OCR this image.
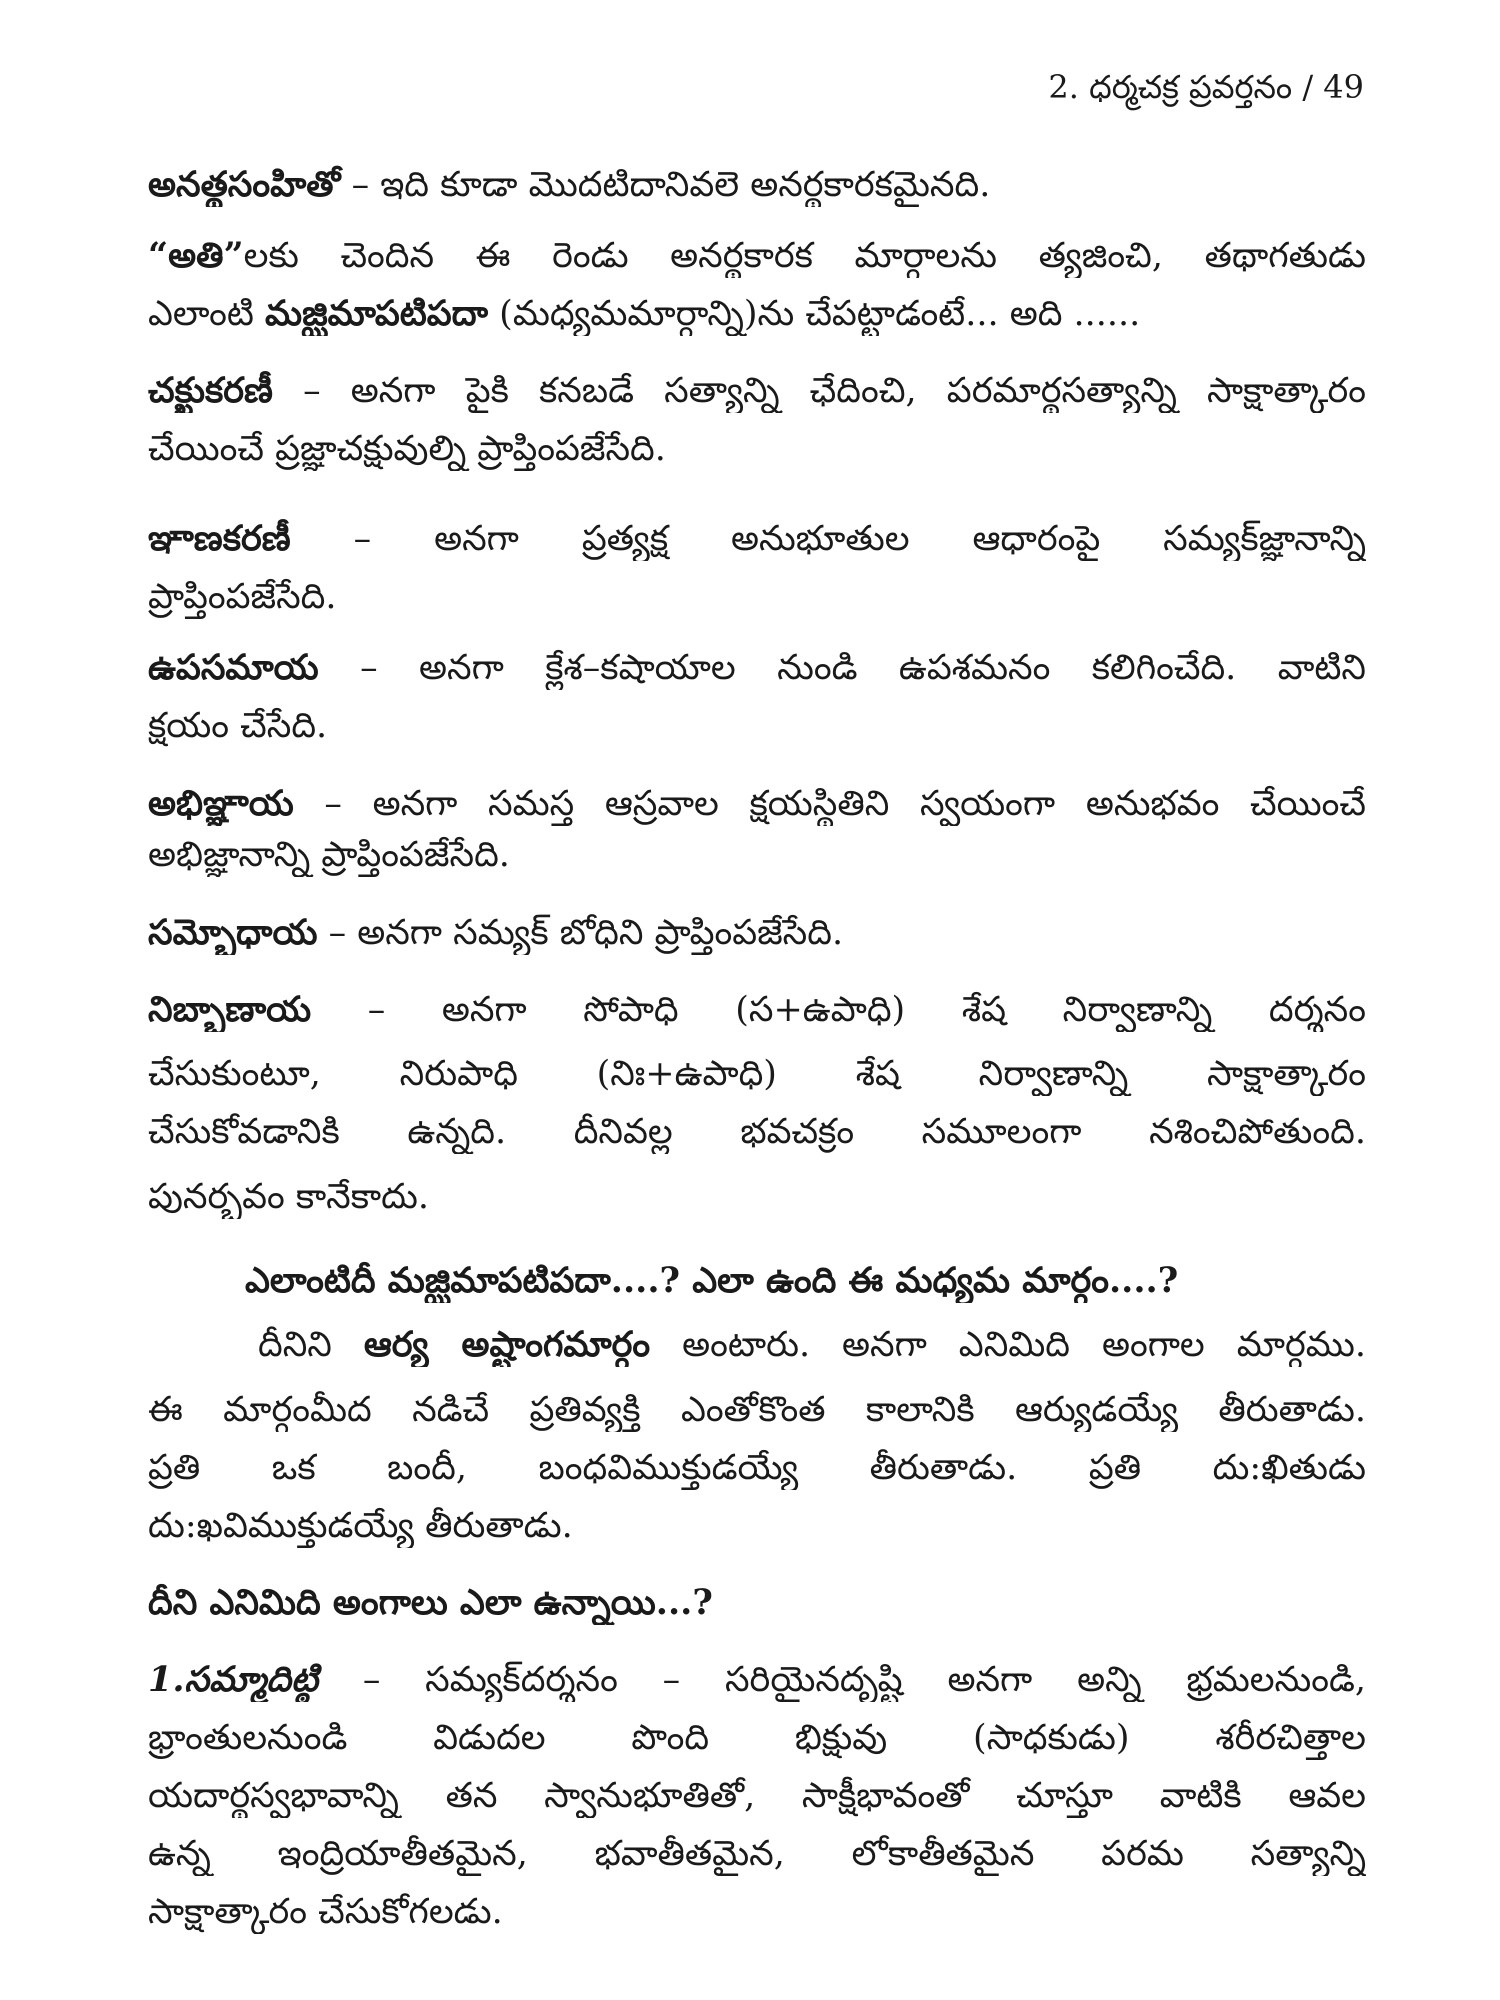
2. ధర్మచక్ర ప్రవర్తనం / 49
అనత్థసంహితో – ఇది కూడా మొదటిదానివలె అనర్థకారకమైనది.
“అతి”లకు చెందిన ఈ రెండు అనర్థకారక మార్గాలను త్యజించి, తథాగతుడు
ఎలాంటి మజ్ఝిమాపటిపదా (మధ్యమమార్గాన్ని)ను చేపట్టాడంటే... అది ......
చక్ఖుకరణీ – అనగా పైకి కనబడే సత్యాన్ని ఛేదించి, పరమార్థసత్యాన్ని సాక్షాత్కారం
చేయించే ప్రజ్ఞాచక్షువుల్ని ప్రాప్తింపజేసేది.
ఞాణకరణీ – అనగా ప్రత్యక్ష అనుభూతుల ఆధారంపై సమ్యక్‌జ్ఞానాన్ని
ప్రాప్తింపజేసేది.
ఉపసమాయ – అనగా క్లేశ–కషాయాల నుండి ఉపశమనం కలిగించేది. వాటిని
క్షయం చేసేది.
అభిఞ్ఞాయ – అనగా సమస్త ఆస్రవాల క్షయస్థితిని స్వయంగా అనుభవం చేయించే
అభిజ్ఞానాన్ని ప్రాప్తింపజేసేది.
సమ్బోధాయ – అనగా సమ్యక్ బోధిని ప్రాప్తింపజేసేది.
నిబ్బాణాయ – అనగా సోపాధి (స+ఉపాధి) శేష నిర్వాణాన్ని దర్శనం
చేసుకుంటూ, నిరుపాధి (నిః+ఉపాధి) శేష నిర్వాణాన్ని సాక్షాత్కారం
చేసుకోవడానికి ఉన్నది. దీనివల్ల భవచక్రం సమూలంగా నశించిపోతుంది.
పునర్భవం కానేకాదు.
ఎలాంటిదీ మజ్ఝిమాపటిపదా....? ఎలా ఉంది ఈ మధ్యమ మార్గం....?
దీనిని ఆర్య అష్టాంగమార్గం అంటారు. అనగా ఎనిమిది అంగాల మార్గము.
ఈ మార్గంమీద నడిచే ప్రతివ్యక్తి ఎంతోకొంత కాలానికి ఆర్యుడయ్యే తీరుతాడు.
ప్రతి ఒక బందీ, బంధవిముక్తుడయ్యే తీరుతాడు. ప్రతి దు:ఖితుడు
దు:ఖవిముక్తుడయ్యే తీరుతాడు.
దీని ఎనిమిది అంగాలు ఎలా ఉన్నాయి...?
1.సమ్మాదిట్ఠి – సమ్యక్‌దర్శనం – సరియైనదృష్టి అనగా అన్ని భ్రమలనుండి,
భ్రాంతులనుండి విడుదల పొంది భిక్షువు (సాధకుడు) శరీరచిత్తాల
యదార్థస్వభావాన్ని తన స్వానుభూతితో, సాక్షీభావంతో చూస్తూ వాటికి ఆవల
ఉన్న ఇంద్రియాతీతమైన, భవాతీతమైన, లోకాతీతమైన పరమ సత్యాన్ని
సాక్షాత్కారం చేసుకోగలడు.
